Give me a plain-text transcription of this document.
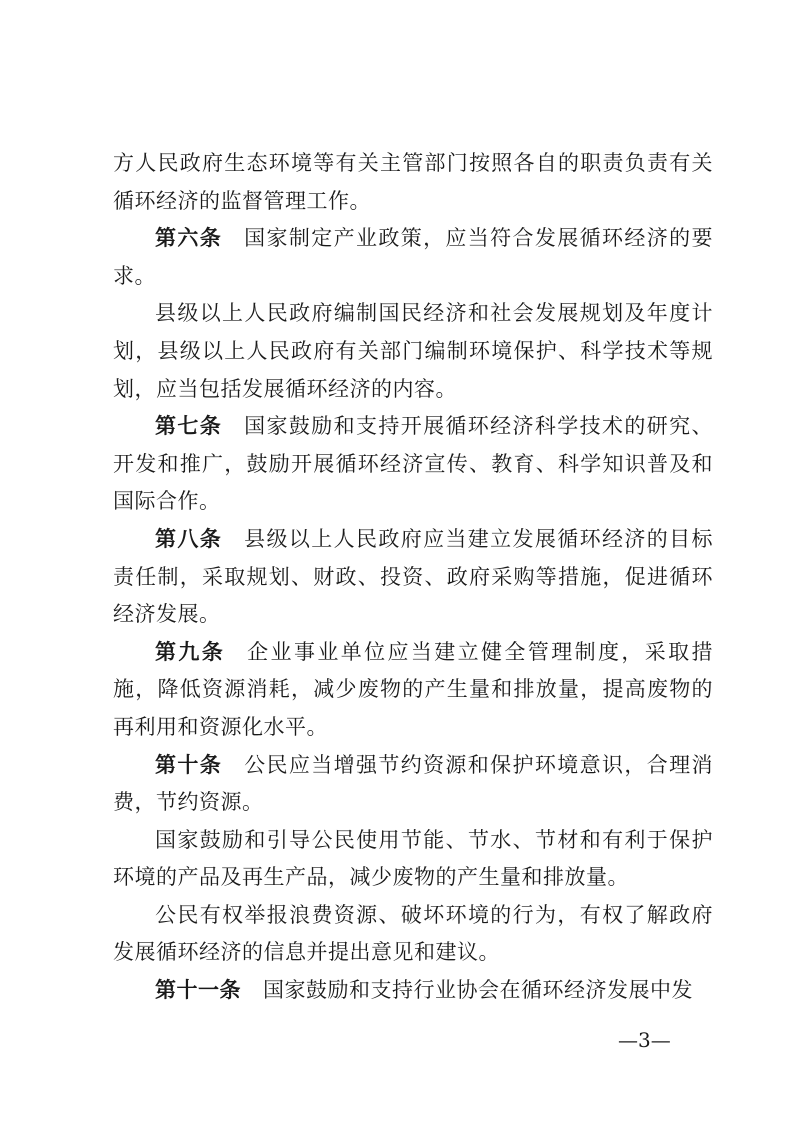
方人民政府生态环境等有关主管部门按照各自的职责负责有关循环经济的监督管理工作。

第六条 国家制定产业政策，应当符合发展循环经济的要求。

县级以上人民政府编制国民经济和社会发展规划及年度计划，县级以上人民政府有关部门编制环境保护、科学技术等规划，应当包括发展循环经济的内容。

第七条 国家鼓励和支持开展循环经济科学技术的研究、开发和推广，鼓励开展循环经济宣传、教育、科学知识普及和国际合作。

第八条 县级以上人民政府应当建立发展循环经济的目标责任制，采取规划、财政、投资、政府采购等措施，促进循环经济发展。

第九条 企业事业单位应当建立健全管理制度，采取措施，降低资源消耗，减少废物的产生量和排放量，提高废物的再利用和资源化水平。

第十条 公民应当增强节约资源和保护环境意识，合理消费，节约资源。

国家鼓励和引导公民使用节能、节水、节材和有利于保护环境的产品及再生产品，减少废物的产生量和排放量。

公民有权举报浪费资源、破坏环境的行为，有权了解政府发展循环经济的信息并提出意见和建议。

第十一条 国家鼓励和支持行业协会在循环经济发展中发

—3—
